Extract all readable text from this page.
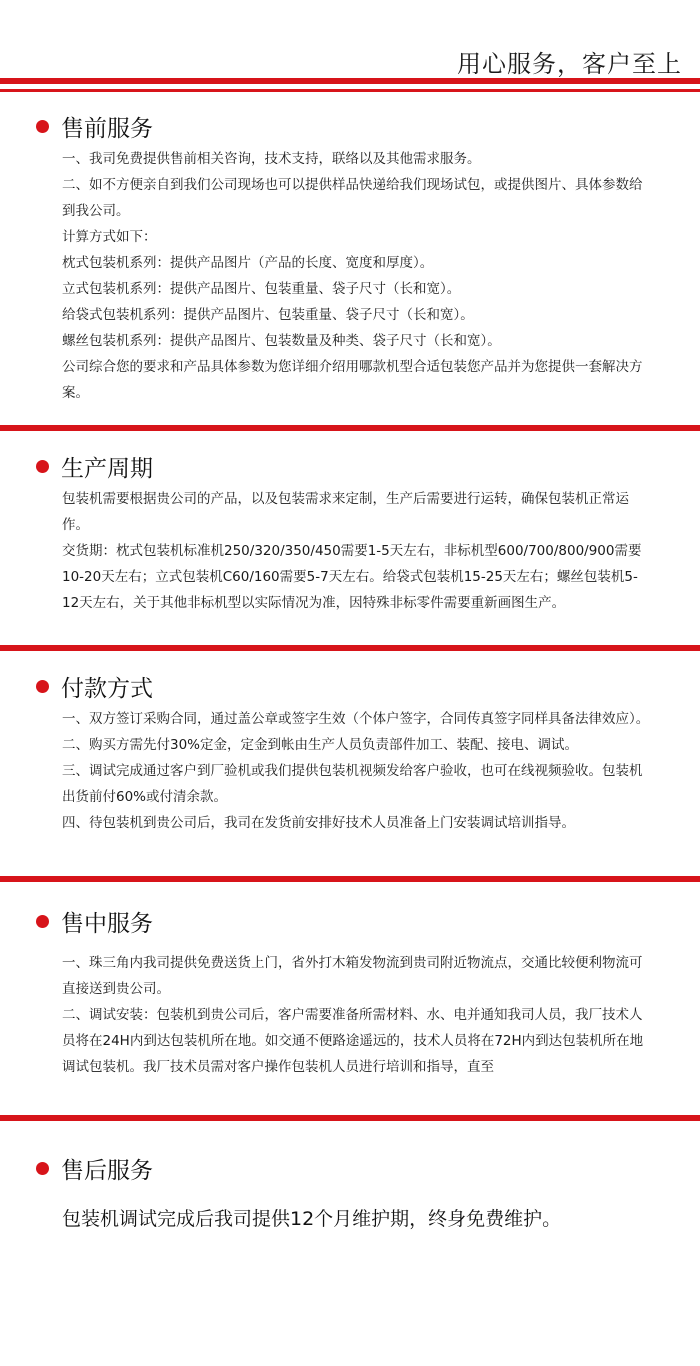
用心服务，客户至上
售前服务

一、我司免费提供售前相关咨询，技术支持，联络以及其他需求服务。

二、如不方便亲自到我们公司现场也可以提供样品快递给我们现场试包，或提供图片、具体参数给到我公司。

计算方式如下：

枕式包装机系列：提供产品图片（产品的长度、宽度和厚度）。

立式包装机系列：提供产品图片、包装重量、袋子尺寸（长和宽）。

给袋式包装机系列：提供产品图片、包装重量、袋子尺寸（长和宽）。

螺丝包装机系列：提供产品图片、包装数量及种类、袋子尺寸（长和宽）。

公司综合您的要求和产品具体参数为您详细介绍用哪款机型合适包装您产品并为您提供一套解决方案。

生产周期

包装机需要根据贵公司的产品，以及包装需求来定制，生产后需要进行运转，确保包装机正常运作。

交货期：枕式包装机标准机250/320/350/450需要1-5天左右，非标机型600/700/800/900需要10-20天左右；立式包装机C60/160需要5-7天左右。给袋式包装机15-25天左右；螺丝包装机5-12天左右，关于其他非标机型以实际情况为准，因特殊非标零件需要重新画图生产。

付款方式

一、双方签订采购合同，通过盖公章或签字生效（个体户签字，合同传真签字同样具备法律效应）。

二、购买方需先付30%定金，定金到帐由生产人员负责部件加工、装配、接电、调试。

三、调试完成通过客户到厂验机或我们提供包装机视频发给客户验收，也可在线视频验收。包装机出货前付60%或付清余款。

四、待包装机到贵公司后，我司在发货前安排好技术人员准备上门安装调试培训指导。

售中服务

一、珠三角内我司提供免费送货上门，省外打木箱发物流到贵司附近物流点，交通比较便利物流可直接送到贵公司。

二、调试安装：包装机到贵公司后，客户需要准备所需材料、水、电并通知我司人员，我厂技术人员将在24H内到达包装机所在地。如交通不便路途遥远的，技术人员将在72H内到达包装机所在地调试包装机。我厂技术员需对客户操作包装机人员进行培训和指导，直至

售后服务

包装机调试完成后我司提供12个月维护期，终身免费维护。
